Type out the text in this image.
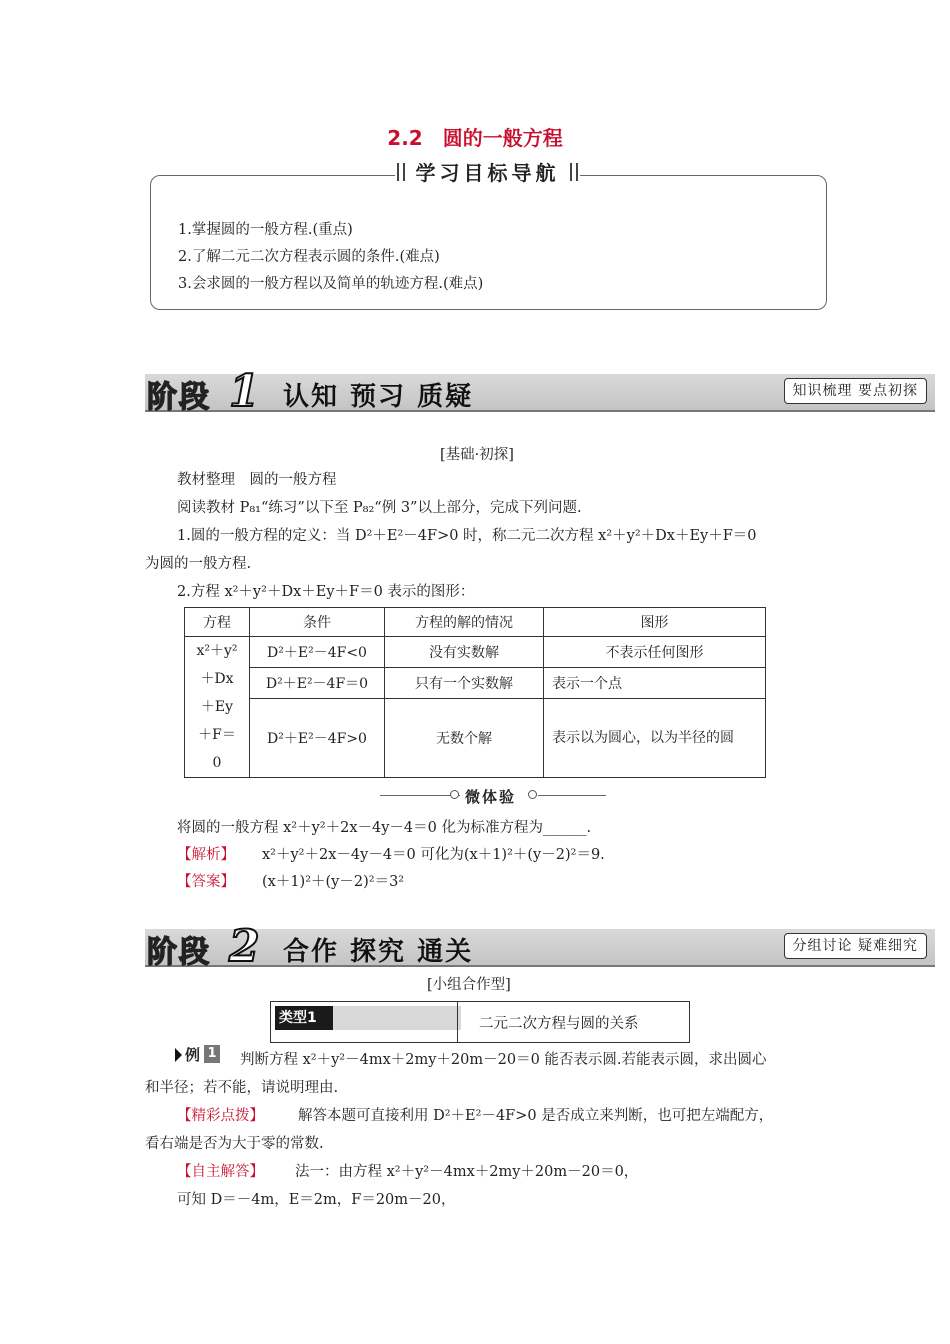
2.2　圆的一般方程
学习目标导航
1.掌握圆的一般方程.(重点)
2.了解二元二次方程表示圆的条件.(难点)
3.会求圆的一般方程以及简单的轨迹方程.(难点)
阶段 1 认知 预习 质疑	知识梳理 要点初探
[基础·初探]
教材整理　圆的一般方程
阅读教材 P₈₁“练习”以下至 P₈₂“例 3”以上部分，完成下列问题.
1.圆的一般方程的定义：当 D²＋E²－4F>0 时，称二元二次方程 x²＋y²＋Dx＋Ey＋F＝0
为圆的一般方程.
2.方程 x²＋y²＋Dx＋Ey＋F＝0 表示的图形：
方程	条件	方程的解的情况	图形

x²＋y²
＋Dx
＋Ey
＋F＝
0	D²＋E²－4F<0	没有实数解	不表示任何图形
	D²＋E²－4F＝0	只有一个实数解	表示一个点
	D²＋E²－4F>0	无数个解	表示以为圆心，以为半径的圆
微体验
将圆的一般方程 x²＋y²＋2x－4y－4＝0 化为标准方程为______.
【解析】 x²＋y²＋2x－4y－4＝0 可化为(x＋1)²＋(y－2)²＝9.
【答案】 (x＋1)²＋(y－2)²＝3²
阶段 2 合作 探究 通关	分组讨论 疑难细究
[小组合作型]
类型1	二元二次方程与圆的关系
例 1 判断方程 x²＋y²－4mx＋2my＋20m－20＝0 能否表示圆.若能表示圆，求出圆心
和半径；若不能，请说明理由.
【精彩点拨】 解答本题可直接利用 D²＋E²－4F>0 是否成立来判断，也可把左端配方，
看右端是否为大于零的常数.
【自主解答】 法一：由方程 x²＋y²－4mx＋2my＋20m－20＝0，
可知 D＝－4m，E＝2m，F＝20m－20，
